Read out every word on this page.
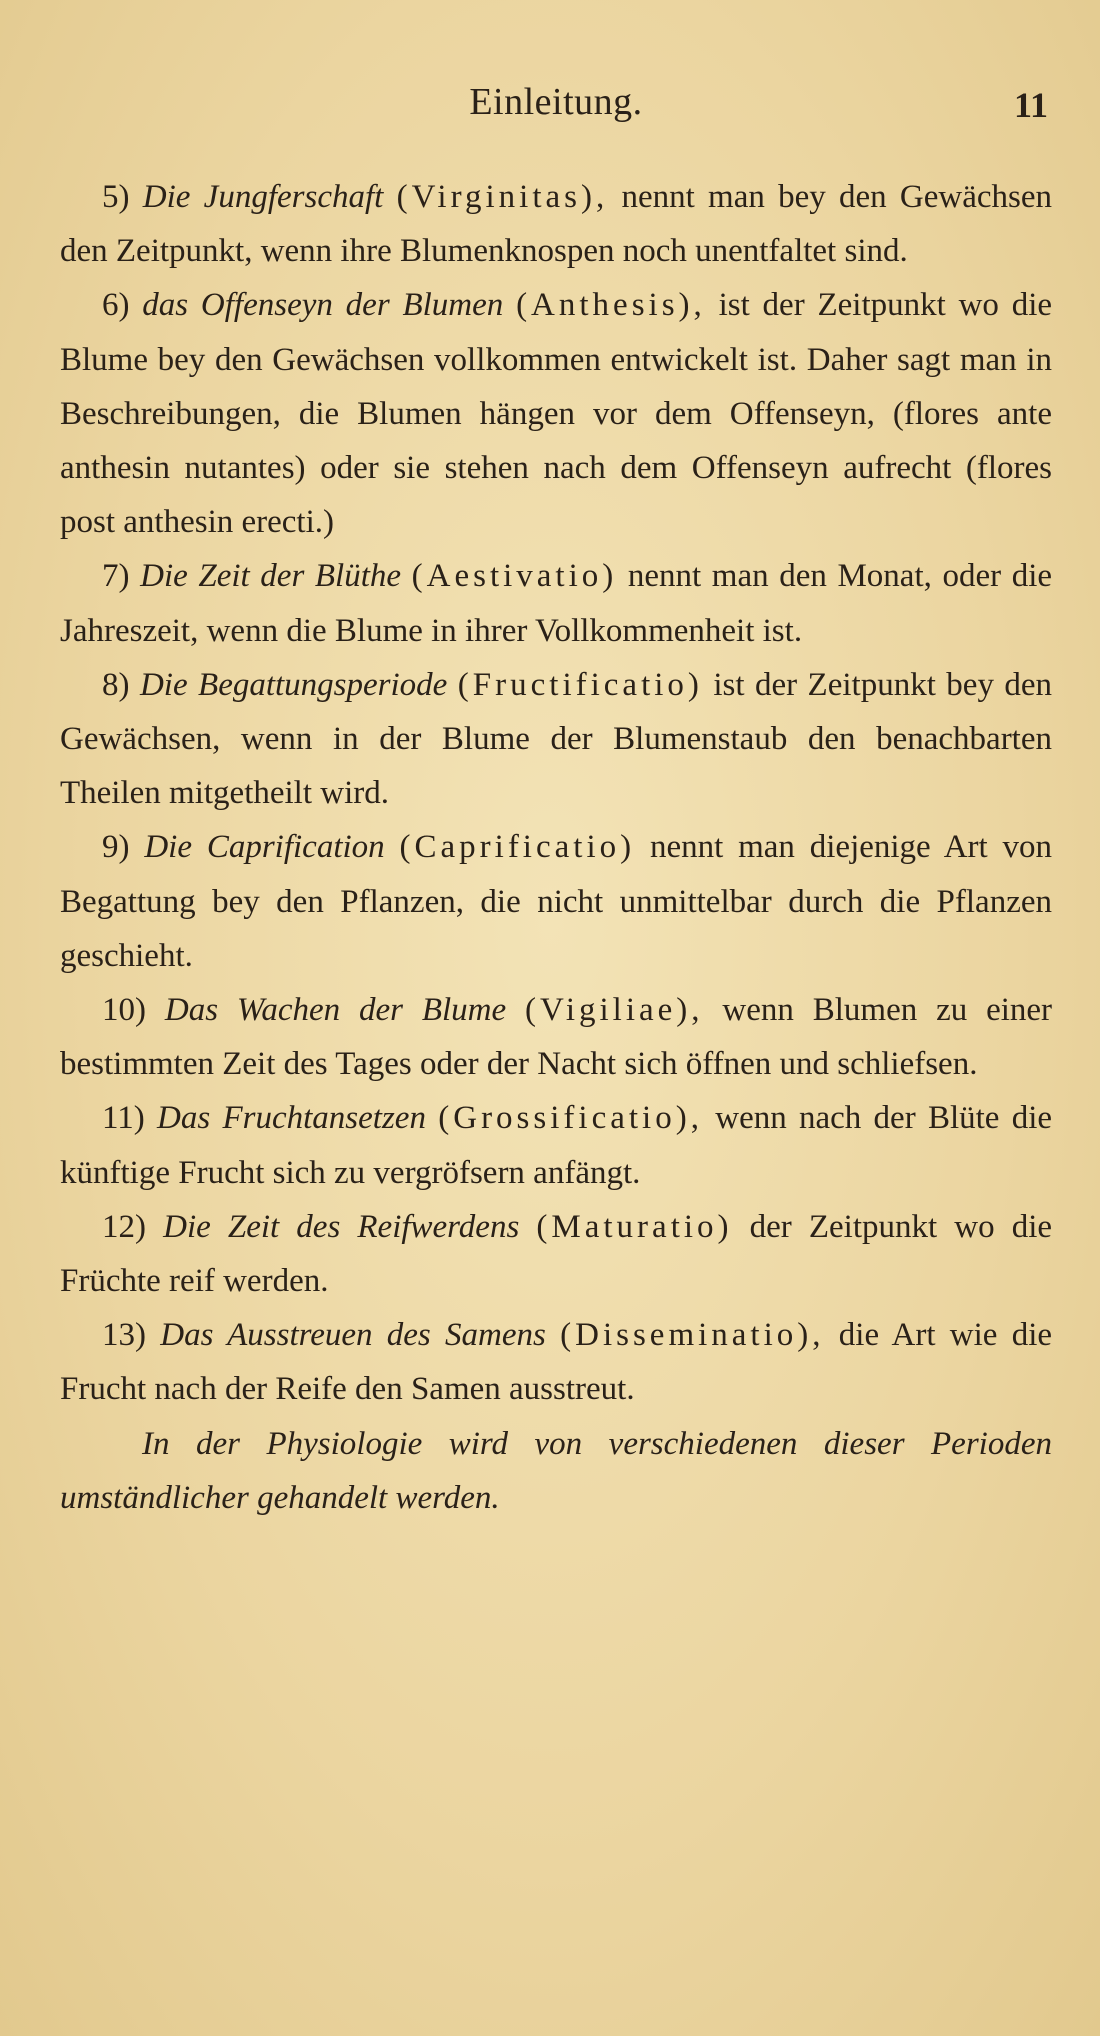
Einleitung.	11

5) Die Jungferschaft (Virginitas), nennt man bey den Gewächsen den Zeitpunkt, wenn ihre Blumenknospen noch unentfaltet sind.

6) das Offenseyn der Blumen (Anthesis), ist der Zeitpunkt wo die Blume bey den Gewächsen vollkommen entwickelt ist. Daher sagt man in Beschreibungen, die Blumen hängen vor dem Offenseyn, (flores ante anthesin nutantes) oder sie stehen nach dem Offenseyn aufrecht (flores post anthesin erecti.)

7) Die Zeit der Blüthe (Aestivatio) nennt man den Monat, oder die Jahreszeit, wenn die Blume in ihrer Vollkommenheit ist.

8) Die Begattungsperiode (Fructificatio) ist der Zeitpunkt bey den Gewächsen, wenn in der Blume der Blumenstaub den benachbarten Theilen mitgetheilt wird.

9) Die Caprification (Caprificatio) nennt man diejenige Art von Begattung bey den Pflanzen, die nicht unmittelbar durch die Pflanzen geschieht.

10) Das Wachen der Blume (Vigiliae), wenn Blumen zu einer bestimmten Zeit des Tages oder der Nacht sich öffnen und schliefsen.

11) Das Fruchtansetzen (Grossificatio), wenn nach der Blüte die künftige Frucht sich zu vergröfsern anfängt.

12) Die Zeit des Reifwerdens (Maturatio) der Zeitpunkt wo die Früchte reif werden.

13) Das Ausstreuen des Samens (Disseminatio), die Art wie die Frucht nach der Reife den Samen ausstreut.

In der Physiologie wird von verschiedenen dieser Perioden umständlicher gehandelt werden.
